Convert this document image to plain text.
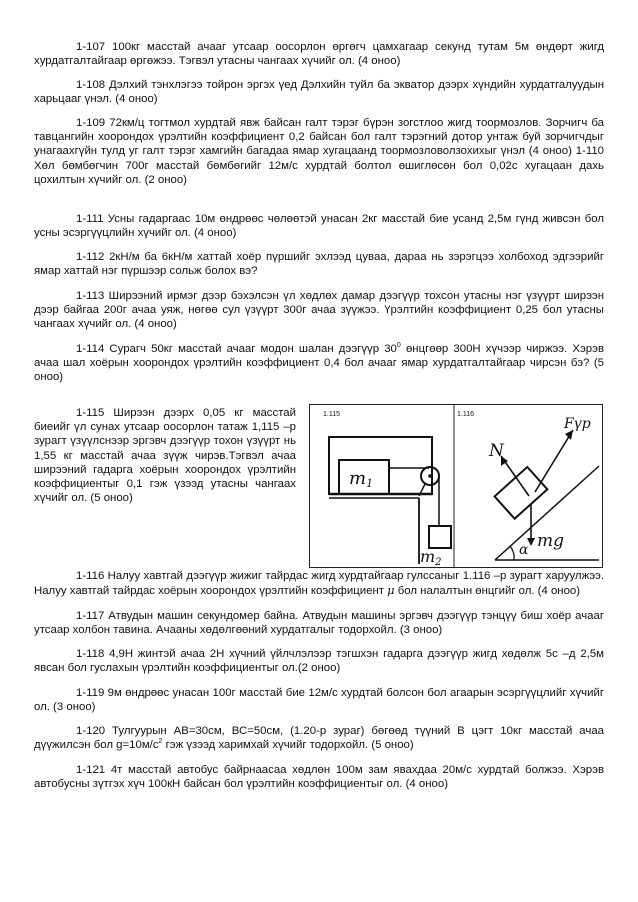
1-107 100кг масстай ачааг утсаар оосорлон өргөгч цамхагаар секунд тутам 5м өндөрт жигд хурдатгалтайгаар өргөжээ. Тэгвэл утасны чангаах хүчийг ол. (4 оноо)

1-108 Дэлхий тэнхлэгээ тойрон эргэх үед Дэлхийн туйл ба экватор дээрх хүндийн хурдатгалуудын харьцааг үнэл. (4 оноо)

1-109 72км/ц тогтмол хурдтай явж байсан галт тэрэг бүрэн зогстлоо жигд тоормозлов. Зорчигч ба тавцангийн хоорондох үрэлтийн коэффициент 0,2 байсан бол галт тэрэгний дотор унтаж буй зорчигчдыг унагаахгүйн тулд уг галт тэрэг хамгийн багадаа ямар хугацаанд тоормозловолзохихыг үнэл (4 оноо) 1-110 Хөл бөмбөгчин 700г масстай бөмбөгийг 12м/с хурдтай болтол өшиглөсөн бол 0,02с хугацаан дахь цохилтын хүчийг ол. (2 оноо)

1-111 Усны гадаргаас 10м өндрөөс чөлөөтэй унасан 2кг масстай бие усанд 2,5м гүнд живсэн бол усны эсэргүүцлийн хүчийг ол. (4 оноо)

1-112 2кН/м ба 6кН/м хаттай хоёр пүршийг эхлээд цуваа, дараа нь зэрэгцээ холбоход эдгээрийг ямар хаттай нэг пүршээр сольж болох вэ?

1-113 Ширээний ирмэг дээр бэхэлсэн үл хөдлөх дамар дээгүүр тохсон утасны нэг үзүүрт ширээн дээр байгаа 200г ачаа уяж, нөгөө сул үзүүрт 300г ачаа зүүжээ. Үрэлтийн коэффициент 0,25 бол утасны чангаах хүчийг ол. (4 оноо)

1-114 Сурагч 50кг масстай ачааг модон шалан дээгүүр $30^0$ өнцгөөр 300Н хүчээр чиржээ. Хэрэв ачаа шал хоёрын хоорондох үрэлтийн коэффициент 0,4 бол ачааг ямар хурдатгалтайгаар чирсэн бэ? (5 оноо)

1-115 Ширээн дээрх 0,05 кг масстай биеийг үл сунах утсаар оосорлон татаж 1,115 –р зурагт үзүүлснээр эргэвч дээгүүр тохон үзүүрт нь 1,55 кг масстай ачаа зүүж чирэв.Тэгвэл ачаа ширээний гадарга хоёрын хоорондох үрэлтийн коэффициентыг 0,1 гэж үзээд утасны чангаах хүчийг ол. (5 оноо)

1.115	1.116
m1
m2
N
Fүр
mg
α

1-116 Налуу хавтгай дээгүүр жижиг тайрдас жигд хурдтайгаар гулссаныг 1.116 –р зурагт харуулжээ. Налуу хавтгай тайрдас хоёрын хоорондох үрэлтийн коэффициент μ бол налалтын өнцгийг ол. (4 оноо)

1-117 Атвудын машин секундомер байна. Атвудын машины эргэвч дээгүүр тэнцүү биш хоёр ачааг утсаар холбон тавина. Ачааны хөдөлгөөний хурдатгалыг тодорхойл. (3 оноо)

1-118 4,9Н жинтэй ачаа 2Н хүчний үйлчлэлээр тэгшхэн гадарга дээгүүр жигд хөдөлж 5с –д 2,5м явсан бол гуслахын үрэлтийн коэффициентыг ол.(2 оноо)

1-119 9м өндрөөс унасан 100г масстай бие 12м/с хурдтай болсон бол агаарын эсэргүүцлийг хүчийг ол. (3 оноо)

1-120 Тулгуурын АВ=30см, ВС=50см, (1.20-р зураг) бөгөөд түүний В цэгт 10кг масстай ачаа дүүжилсэн бол $g=10м/с^2$ гэж үзээд харимхай хүчийг тодорхойл. (5 оноо)

1-121 4т масстай автобус байрнаасаа хөдлөн 100м зам явахдаа 20м/с хурдтай болжээ. Хэрэв автобусны зүтгэх хүч 100кН байсан бол үрэлтийн коэффициентыг ол. (4 оноо)
